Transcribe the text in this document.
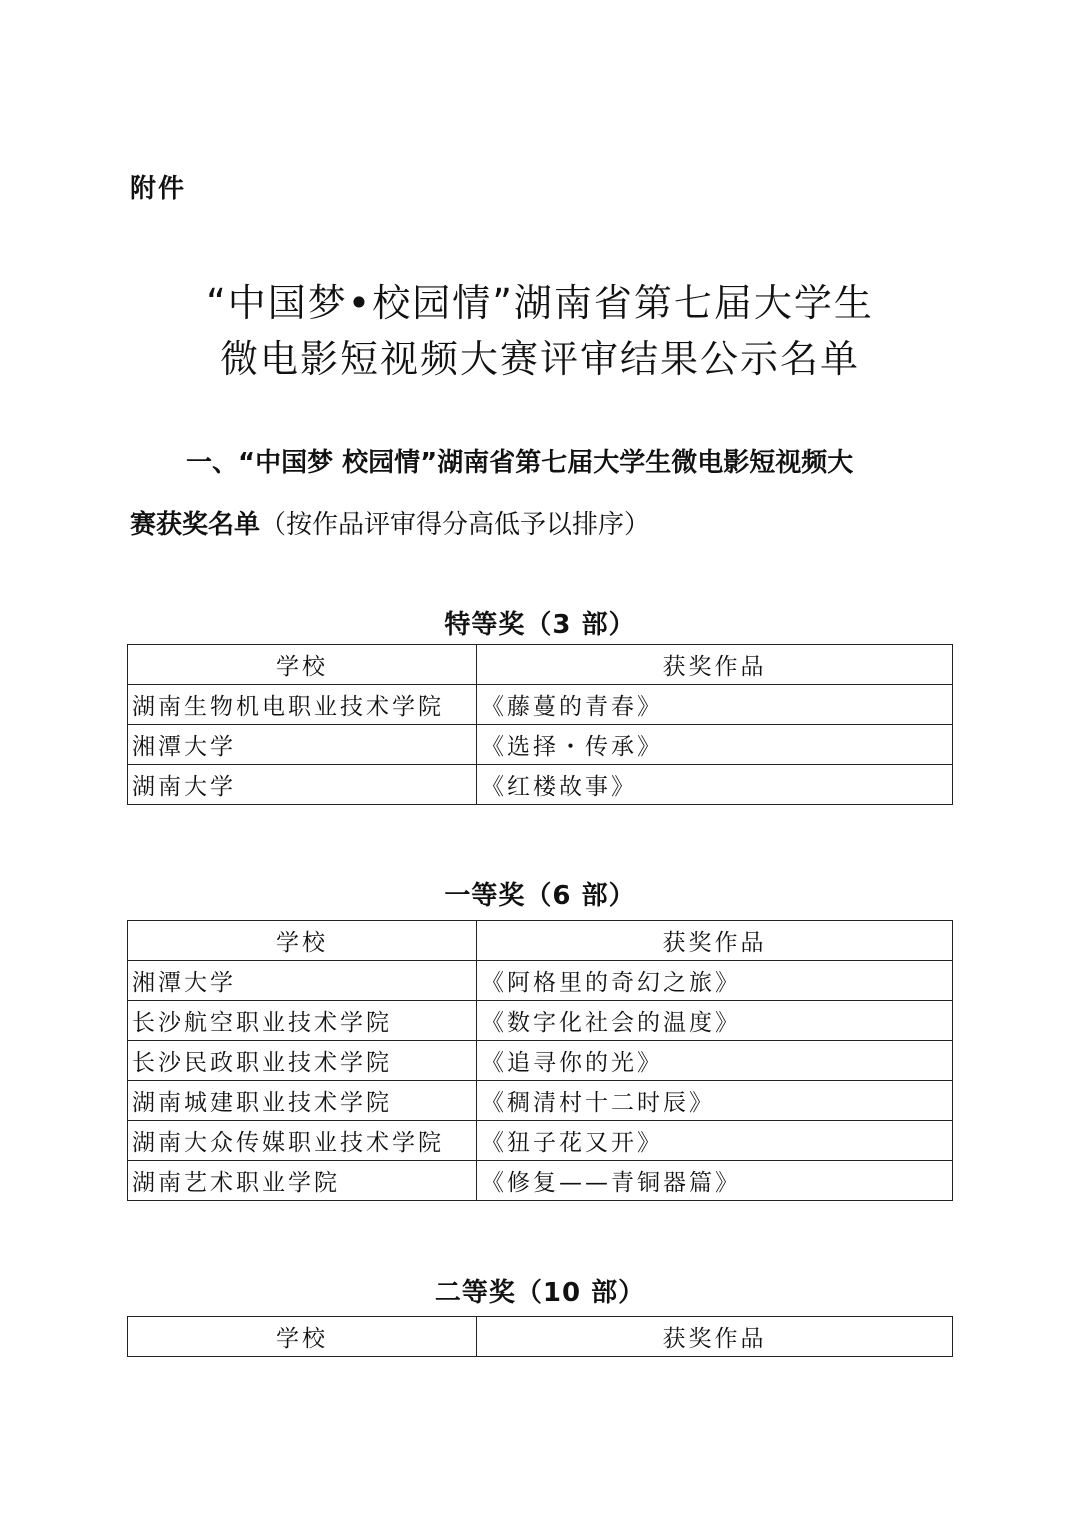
附件
“中国梦•校园情”湖南省第七届大学生
微电影短视频大赛评审结果公示名单
一、“中国梦 校园情”湖南省第七届大学生微电影短视频大
赛获奖名单（按作品评审得分高低予以排序）
特等奖（3 部）
学校	获奖作品
湖南生物机电职业技术学院	《藤蔓的青春》
湘潭大学	《选择・传承》
湖南大学	《红楼故事》
一等奖（6 部）
学校	获奖作品
湘潭大学	《阿格里的奇幻之旅》
长沙航空职业技术学院	《数字化社会的温度》
长沙民政职业技术学院	《追寻你的光》
湖南城建职业技术学院	《稠清村十二时辰》
湖南大众传媒职业技术学院	《狃子花又开》
湖南艺术职业学院	《修复——青铜器篇》
二等奖（10 部）
学校	获奖作品
